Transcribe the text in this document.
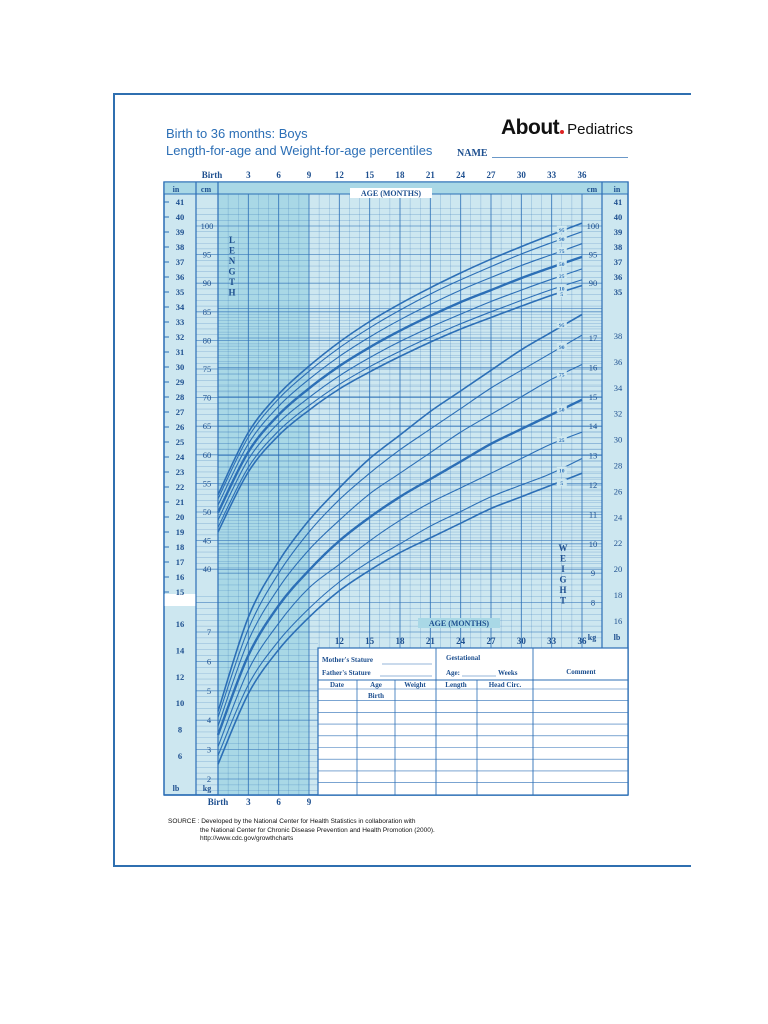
Birth to 36 months: Boys
Length-for-age and Weight-for-age percentiles
About Pediatrics
NAME
5
10
25
50
75
90
95
5
10
25
50
75
90
95
Birth	3	6	9	12 15 18 21 24 27 30 33 36
AGE (MONTHS)
AGE (MONTHS)
12 15 18 21 24 27 30 33 36
Birth 3	6	9
in	cm	cm in
lb	kg
kg lb
41
40
39
38
37
36
35
34
33
32
31
30
29
28
27
26
25
24
23
22
21
20
19
18
17
16
15
100
95
90
85
80
75
70
65
60
55
50
45
40
16
14
12
10
8
6
7
6
5
4
3
2
41
40
39
38
37
36
35
100
95
90
17
16
15
14
13
12
11
10
9
8
38
36
34
32
30
28
26
24
22
20
18
16
L
E
N
G
T
H
W
E
I
G
H
T
Mother's Stature
Father's Stature
Gestational
Age:	Weeks	Comment
Date	Age	Weight	Length	Head Circ.
Birth
SOURCE : Developed by the National Center for Health Statistics in collaboration with
the National Center for Chronic Disease Prevention and Health Promotion (2000).
http://www.cdc.gov/growthcharts
